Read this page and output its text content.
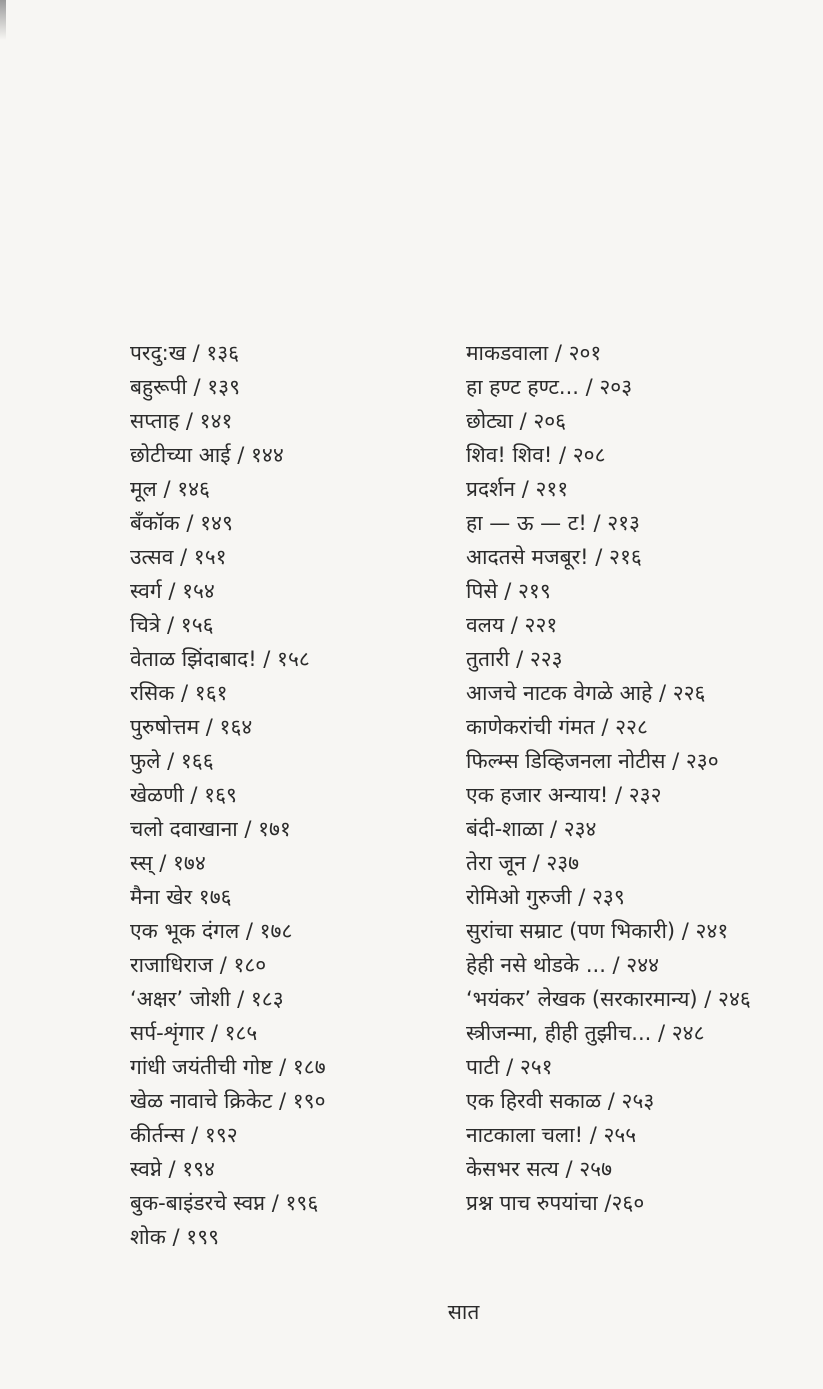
परदु:ख / १३६
बहुरूपी / १३९
सप्ताह / १४१
छोटीच्या आई / १४४
मूल / १४६
बँकॉक / १४९
उत्सव / १५१
स्वर्ग / १५४
चित्रे / १५६
वेताळ झिंदाबाद! / १५८
रसिक / १६१
पुरुषोत्तम / १६४
फुले / १६६
खेळणी / १६९
चलो दवाखाना / १७१
स्स् / १७४
मैना खेर १७६
एक भूक दंगल / १७८
राजाधिराज / १८०
‘अक्षर’ जोशी / १८३
सर्प-शृंगार / १८५
गांधी जयंतीची गोष्ट / १८७
खेळ नावाचे क्रिकेट / १९०
कीर्तन्स / १९२
स्वप्ने / १९४
बुक-बाइंडरचे स्वप्न / १९६
शोक / १९९
माकडवाला / २०१
हा हण्ट हण्ट... / २०३
छोट्या / २०६
शिव! शिव! / २०८
प्रदर्शन / २११
हा — ऊ — ट! / २१३
आदतसे मजबूर! / २१६
पिसे / २१९
वलय / २२१
तुतारी / २२३
आजचे नाटक वेगळे आहे / २२६
काणेकरांची गंमत / २२८
फिल्म्स डिव्हिजनला नोटीस / २३०
एक हजार अन्याय! / २३२
बंदी-शाळा / २३४
तेरा जून / २३७
रोमिओ गुरुजी / २३९
सुरांचा सम्राट (पण भिकारी) / २४१
हेही नसे थोडके ... / २४४
‘भयंकर’ लेखक (सरकारमान्य) / २४६
स्त्रीजन्मा, हीही तुझीच... / २४८
पाटी / २५१
एक हिरवी सकाळ / २५३
नाटकाला चला! / २५५
केसभर सत्य / २५७
प्रश्न पाच रुपयांचा /२६०
सात
